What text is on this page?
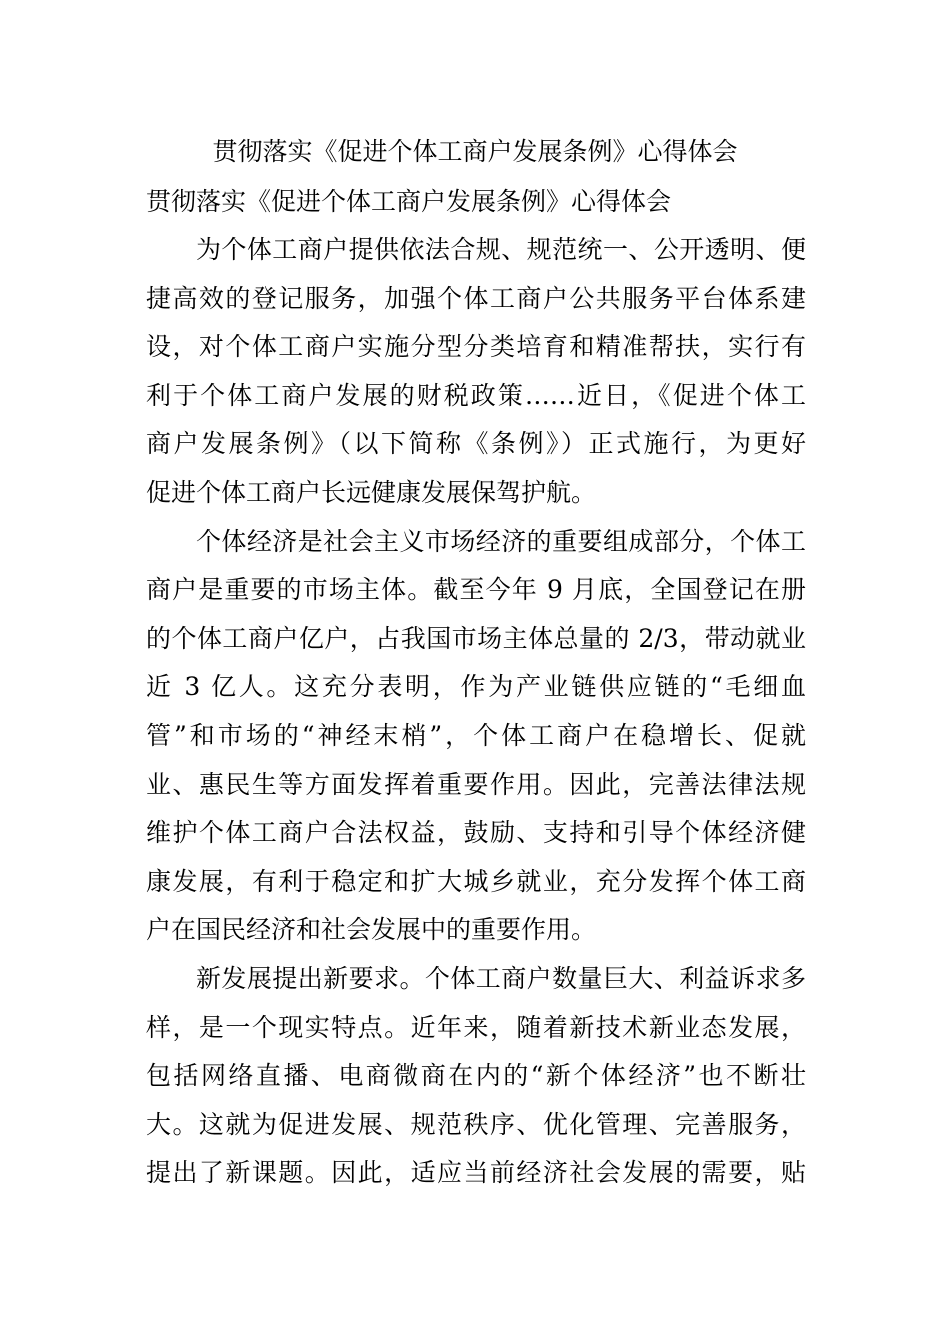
贯彻落实《促进个体工商户发展条例》心得体会
贯彻落实《促进个体工商户发展条例》心得体会
为个体工商户提供依法合规、规范统一、公开透明、便
捷高效的登记服务，加强个体工商户公共服务平台体系建
设，对个体工商户实施分型分类培育和精准帮扶，实行有
利于个体工商户发展的财税政策……近日，《促进个体工
商户发展条例》（以下简称《条例》）正式施行，为更好
促进个体工商户长远健康发展保驾护航。
个体经济是社会主义市场经济的重要组成部分，个体工
商户是重要的市场主体。截至今年 9 月底，全国登记在册
的个体工商户亿户，占我国市场主体总量的 2/3，带动就业
近 3 亿人。这充分表明，作为产业链供应链的“毛细血
管”和市场的“神经末梢”，个体工商户在稳增长、促就
业、惠民生等方面发挥着重要作用。因此，完善法律法规
维护个体工商户合法权益，鼓励、支持和引导个体经济健
康发展，有利于稳定和扩大城乡就业，充分发挥个体工商
户在国民经济和社会发展中的重要作用。
新发展提出新要求。个体工商户数量巨大、利益诉求多
样，是一个现实特点。近年来，随着新技术新业态发展，
包括网络直播、电商微商在内的“新个体经济”也不断壮
大。这就为促进发展、规范秩序、优化管理、完善服务，
提出了新课题。因此，适应当前经济社会发展的需要，贴
